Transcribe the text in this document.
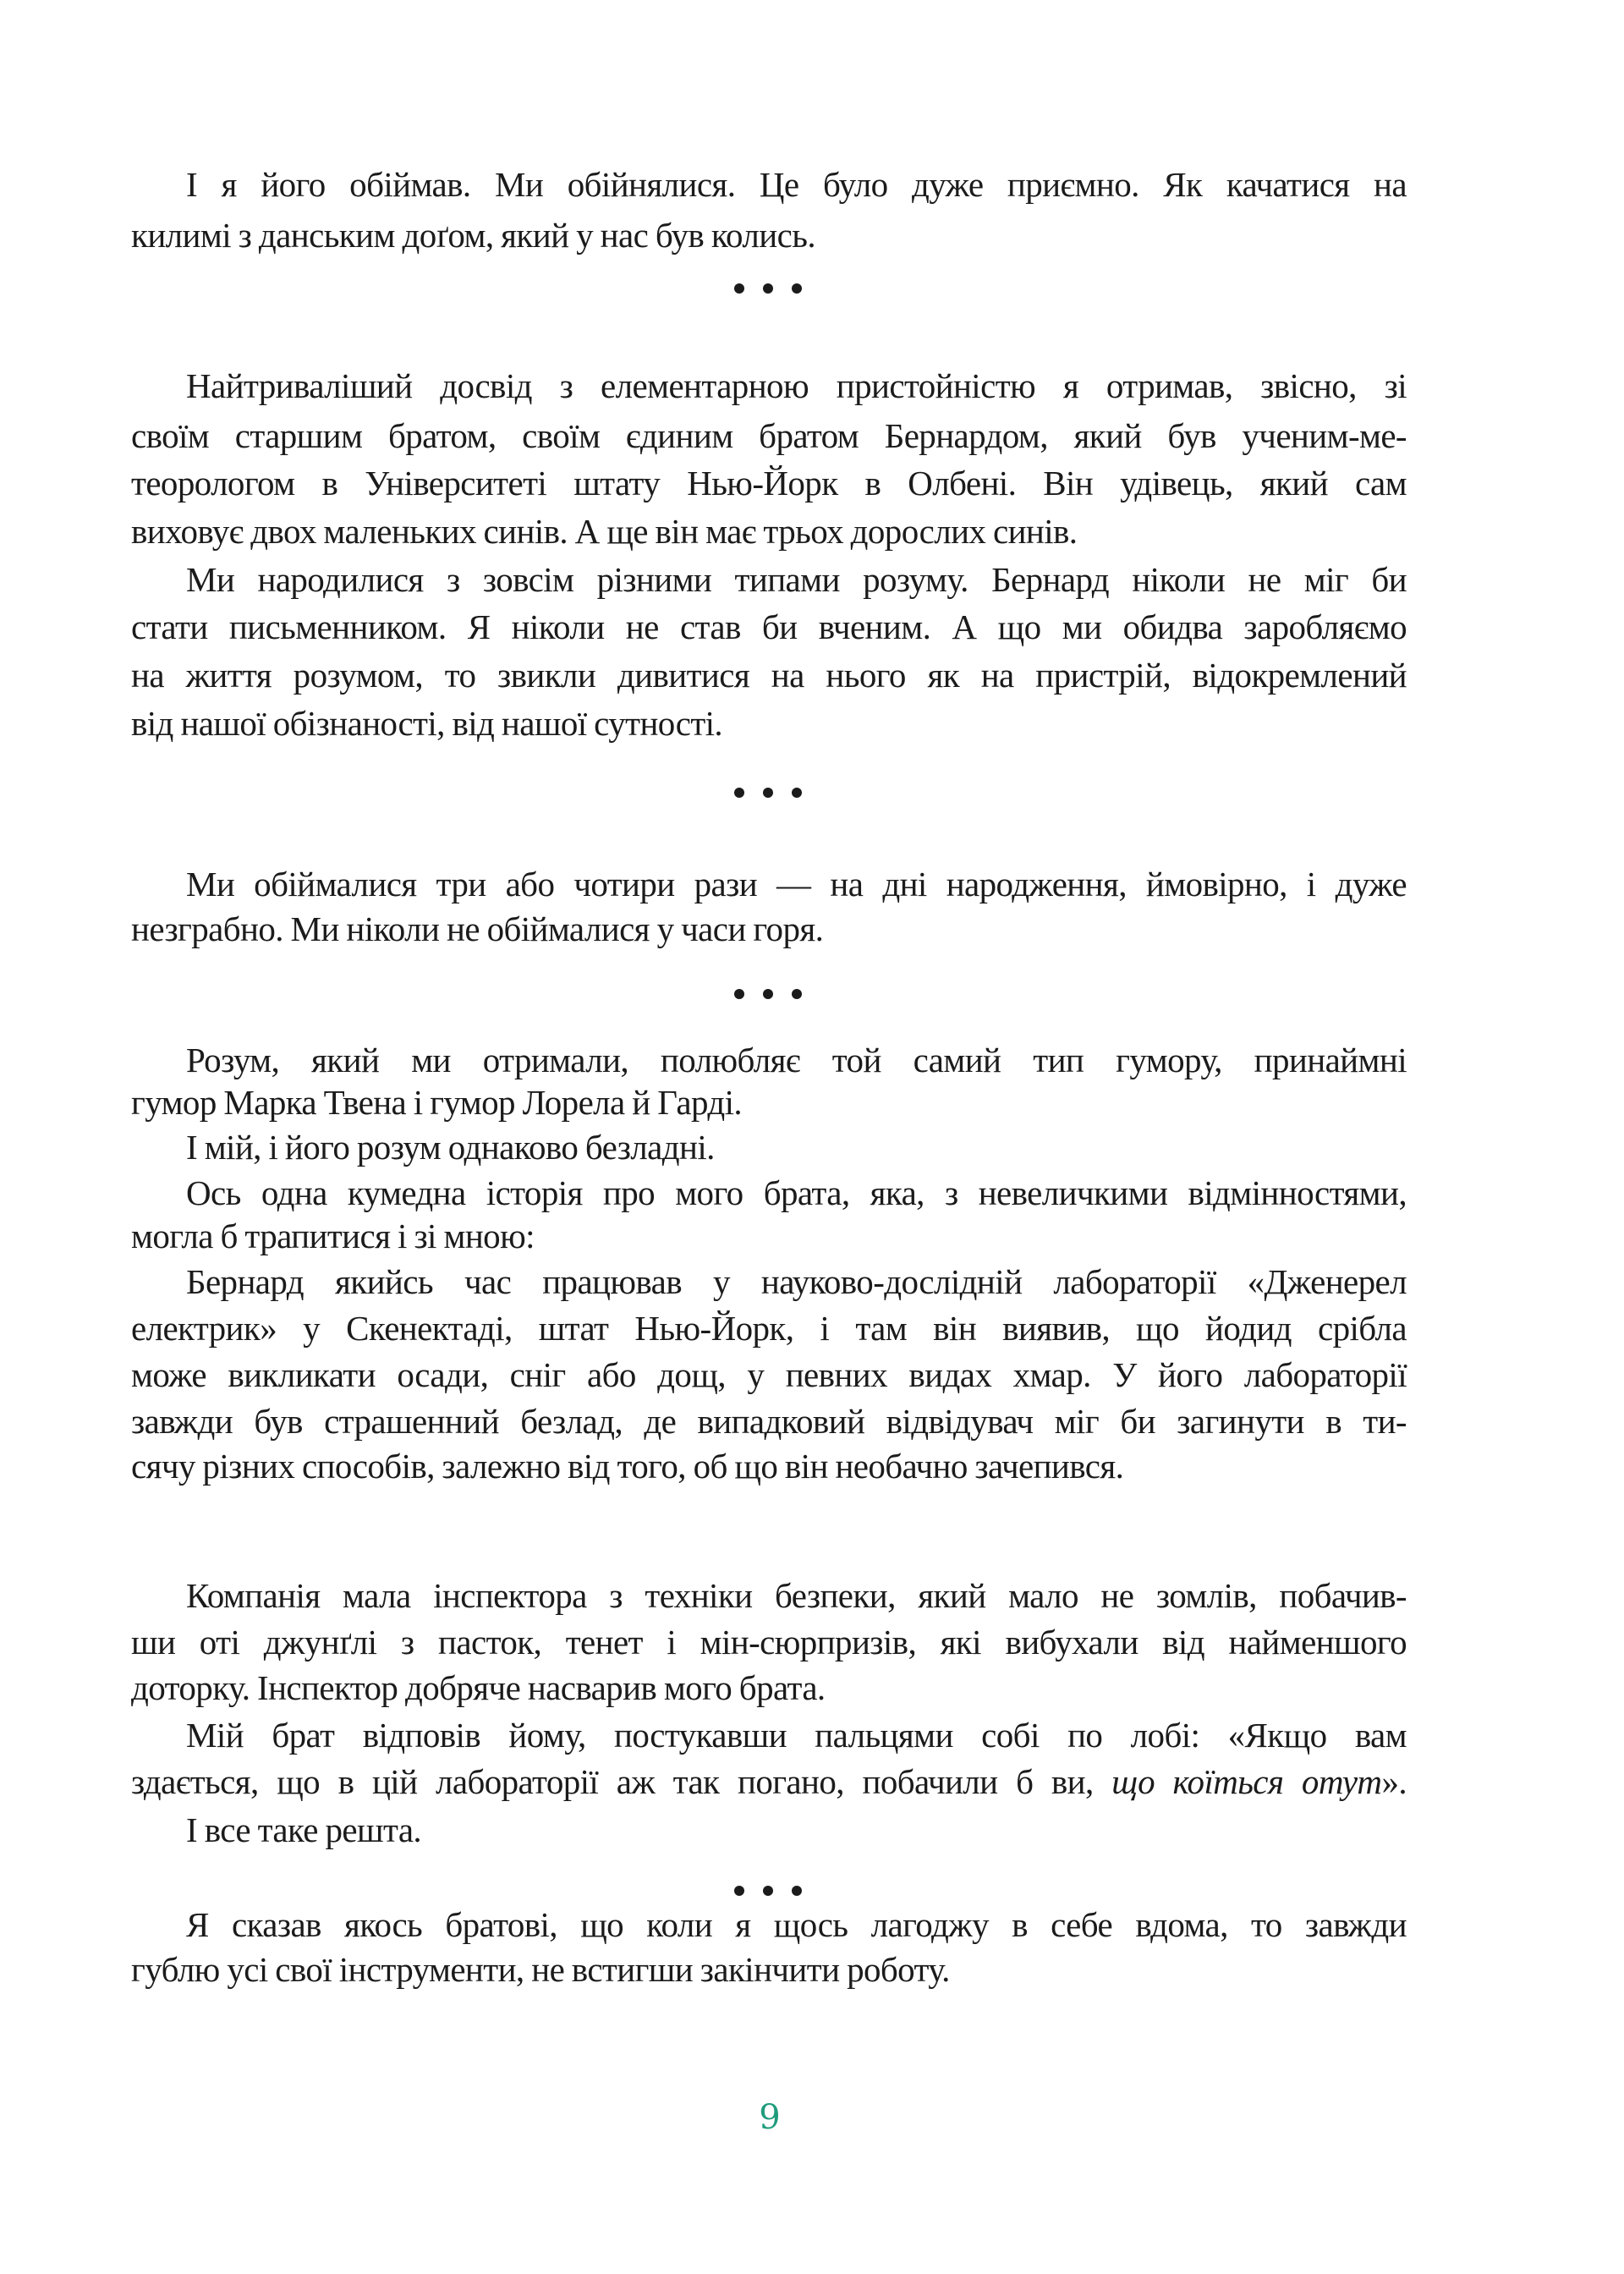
І я його обіймав. Ми обійнялися. Це було дуже приємно. Як качатися на
килимі з данським доґом, який у нас був колись.
Найтриваліший досвід з елементарною пристойністю я отримав, звісно, зі
своїм старшим братом, своїм єдиним братом Бернардом, який був ученим-ме-
теорологом в Університеті штату Нью-Йорк в Олбені. Він удівець, який сам
виховує двох маленьких синів. А ще він має трьох дорослих синів.
Ми народилися з зовсім різними типами розуму. Бернард ніколи не міг би
стати письменником. Я ніколи не став би вченим. А що ми обидва заробляємо
на життя розумом, то звикли дивитися на нього як на пристрій, відокремлений
від нашої обізнаності, від нашої сутності.
Ми обіймалися три або чотири рази — на дні народження, ймовірно, і дуже
незграбно. Ми ніколи не обіймалися у часи горя.
Розум, який ми отримали, полюбляє той самий тип гумору, принаймні
гумор Марка Твена і гумор Лорела й Гарді.
І мій, і його розум однаково безладні.
Ось одна кумедна історія про мого брата, яка, з невеличкими відмінностями,
могла б трапитися і зі мною:
Бернард якийсь час працював у науково-дослідній лабораторії «Дженерел
електрик» у Скенектаді, штат Нью-Йорк, і там він виявив, що йодид срібла
може викликати осади, сніг або дощ, у певних видах хмар. У його лабораторії
завжди був страшенний безлад, де випадковий відвідувач міг би загинути в ти-
сячу різних способів, залежно від того, об що він необачно зачепився.
Компанія мала інспектора з техніки безпеки, який мало не зомлів, побачив-
ши оті джунґлі з пасток, тенет і мін-сюрпризів, які вибухали від найменшого
доторку. Інспектор добряче насварив мого брата.
Мій брат відповів йому, постукавши пальцями собі по лобі: «Якщо вам
здається, що в цій лабораторії аж так погано, побачили б ви, що коїться отут».
І все таке решта.
Я сказав якось братові, що коли я щось лагоджу в себе вдома, то завжди
гублю усі свої інструменти, не встигши закінчити роботу.
9
